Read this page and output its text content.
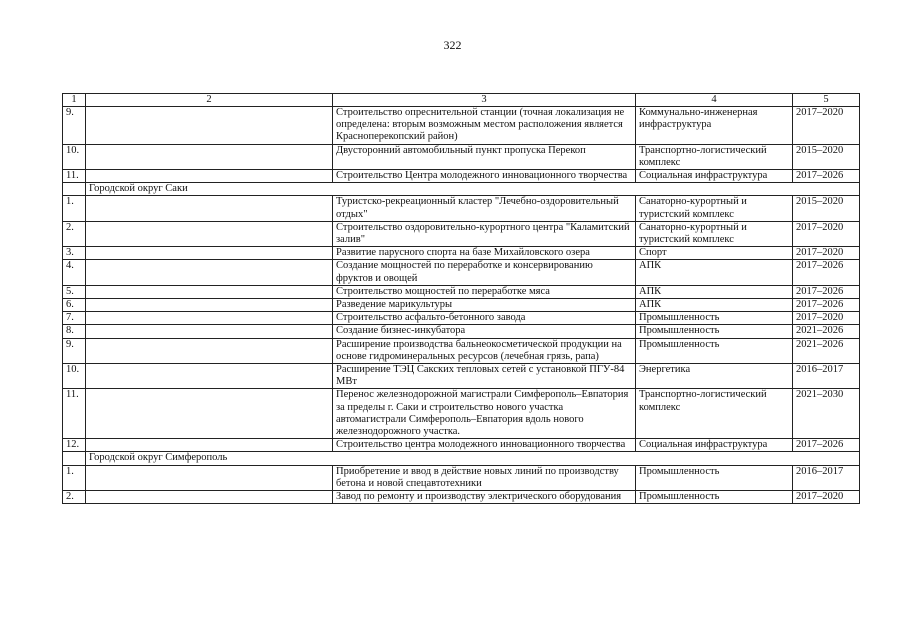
322
1	2	3	4	5
9.		Строительство опреснительной станции (точная локализация не определена: вторым возможным местом расположения является Красноперекопский район)	Коммунально-инженерная инфраструктура	2017–2020
10.		Двусторонний автомобильный пункт пропуска Перекоп	Транспортно-логистический комплекс	2015–2020
11.		Строительство Центра молодежного инновационного творчества	Социальная инфраструктура	2017–2026
	Городской округ Саки			
1.		Туристско-рекреационный кластер "Лечебно-оздоровительный отдых"	Санаторно-курортный и туристский комплекс	2015–2020
2.		Строительство оздоровительно-курортного центра "Каламитский залив"	Санаторно-курортный и туристский комплекс	2017–2020
3.		Развитие парусного спорта на базе Михайловского озера	Спорт	2017–2020
4.		Создание мощностей по переработке и консервированию фруктов и овощей	АПК	2017–2026
5.		Строительство мощностей по переработке мяса	АПК	2017–2026
6.		Разведение марикультуры	АПК	2017–2026
7.		Строительство асфальто-бетонного завода	Промышленность	2017–2020
8.		Создание бизнес-инкубатора	Промышленность	2021–2026
9.		Расширение производства бальнеокосметической продукции на основе гидроминеральных ресурсов (лечебная грязь, рапа)	Промышленность	2021–2026
10.		Расширение ТЭЦ Сакских тепловых сетей с установкой ПГУ-84 МВт	Энергетика	2016–2017
11.		Перенос железнодорожной магистрали Симферополь–Евпатория за пределы г. Саки и строительство нового участка автомагистрали Симферополь–Евпатория вдоль нового железнодорожного участка.	Транспортно-логистический комплекс	2021–2030
12.		Строительство центра молодежного инновационного творчества	Социальная инфраструктура	2017–2026
	Городской округ Симферополь			
1.		Приобретение и ввод в действие новых линий по производству бетона и новой спецавтотехники	Промышленность	2016–2017
2.		Завод по ремонту и производству электрического оборудования	Промышленность	2017–2020
